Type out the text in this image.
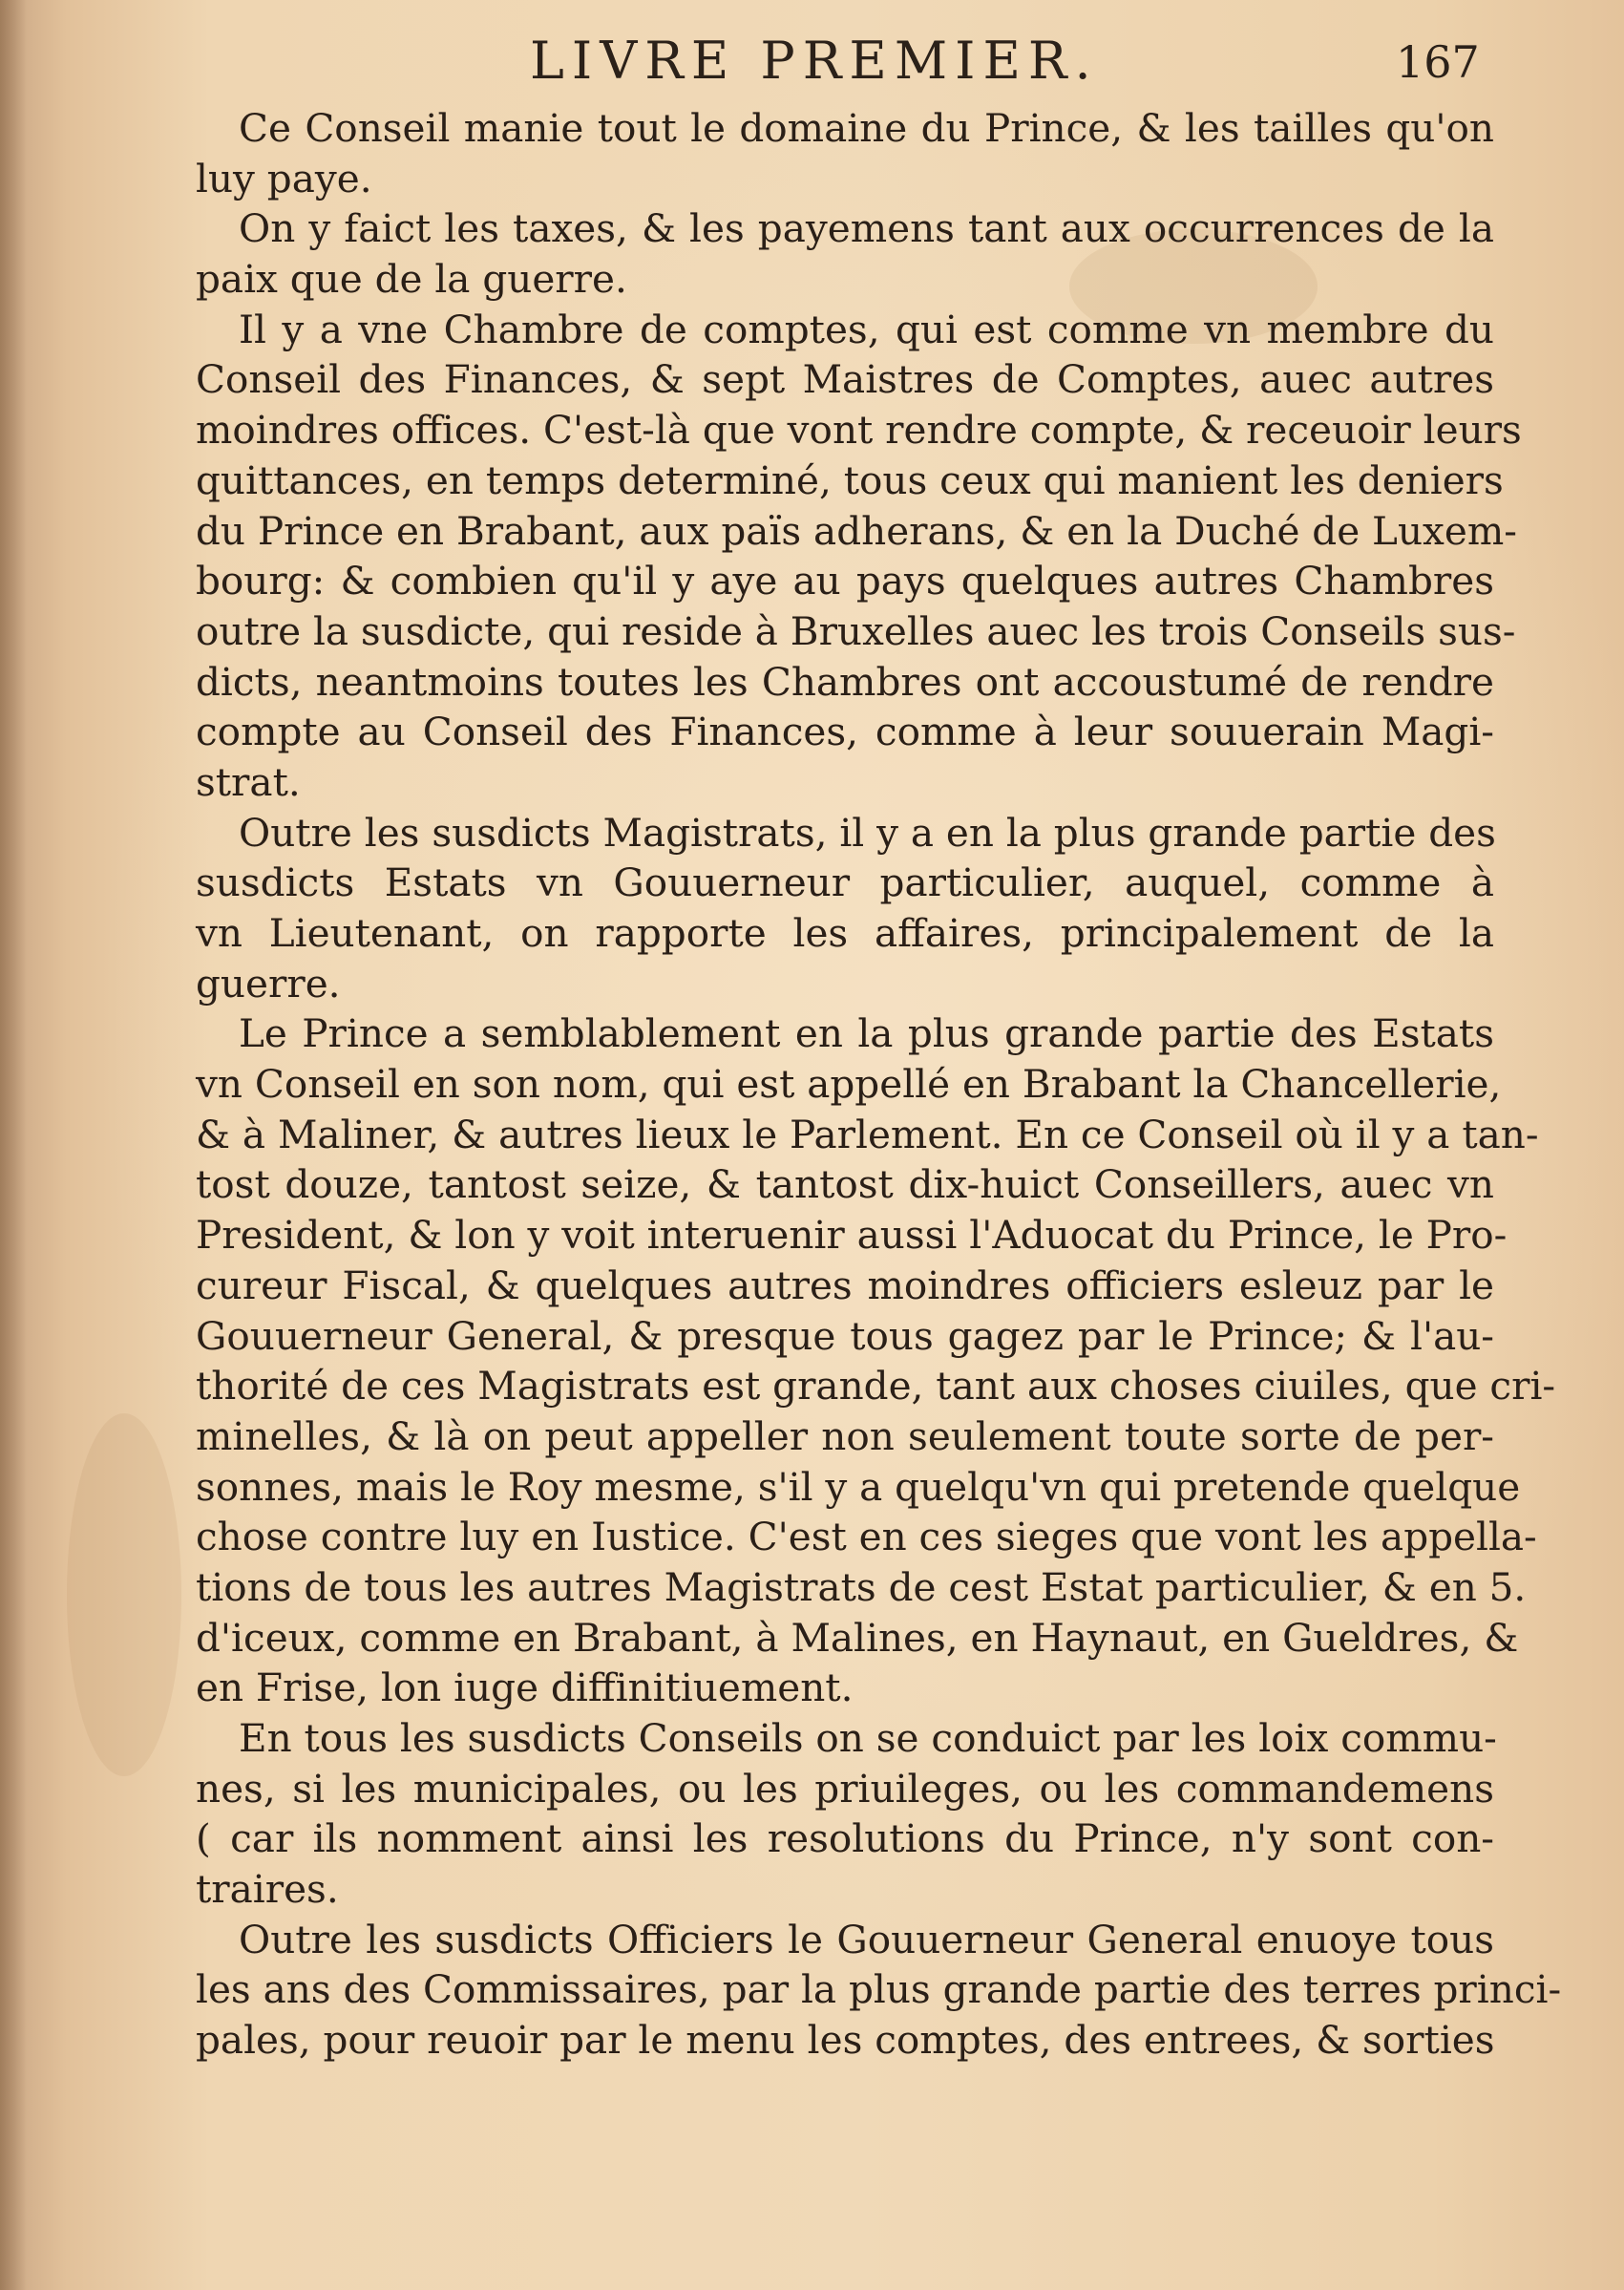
LIVRE PREMIER.	167
Ce Conseil manie tout le domaine du Prince, & les tailles qu'on
luy paye.
On y faict les taxes, & les payemens tant aux occurrences de la
paix que de la guerre.
Il y a vne Chambre de comptes, qui est comme vn membre du
Conseil des Finances, & sept Maistres de Comptes, auec autres
moindres offices. C'est-là que vont rendre compte, & receuoir leurs
quittances, en temps determiné, tous ceux qui manient les deniers
du Prince en Brabant, aux païs adherans, & en la Duché de Luxem-
bourg: & combien qu'il y aye au pays quelques autres Chambres
outre la susdicte, qui reside à Bruxelles auec les trois Conseils sus-
dicts, neantmoins toutes les Chambres ont accoustumé de rendre
compte au Conseil des Finances, comme à leur souuerain Magi-
strat.
Outre les susdicts Magistrats, il y a en la plus grande partie des
susdicts Estats vn Gouuerneur particulier, auquel, comme à
vn Lieutenant, on rapporte les affaires, principalement de la
guerre.
Le Prince a semblablement en la plus grande partie des Estats
vn Conseil en son nom, qui est appellé en Brabant la Chancellerie,
& à Maliner, & autres lieux le Parlement. En ce Conseil où il y a tan-
tost douze, tantost seize, & tantost dix-huict Conseillers, auec vn
President, & lon y voit interuenir aussi l'Aduocat du Prince, le Pro-
cureur Fiscal, & quelques autres moindres officiers esleuz par le
Gouuerneur General, & presque tous gagez par le Prince; & l'au-
thorité de ces Magistrats est grande, tant aux choses ciuiles, que cri-
minelles, & là on peut appeller non seulement toute sorte de per-
sonnes, mais le Roy mesme, s'il y a quelqu'vn qui pretende quelque
chose contre luy en Iustice. C'est en ces sieges que vont les appella-
tions de tous les autres Magistrats de cest Estat particulier, & en 5.
d'iceux, comme en Brabant, à Malines, en Haynaut, en Gueldres, &
en Frise, lon iuge diffinitiuement.
En tous les susdicts Conseils on se conduict par les loix commu-
nes, si les municipales, ou les priuileges, ou les commandemens
( car ils nomment ainsi les resolutions du Prince, n'y sont con-
traires.
Outre les susdicts Officiers le Gouuerneur General enuoye tous
les ans des Commissaires, par la plus grande partie des terres princi-
pales, pour reuoir par le menu les comptes, des entrees, & sorties
